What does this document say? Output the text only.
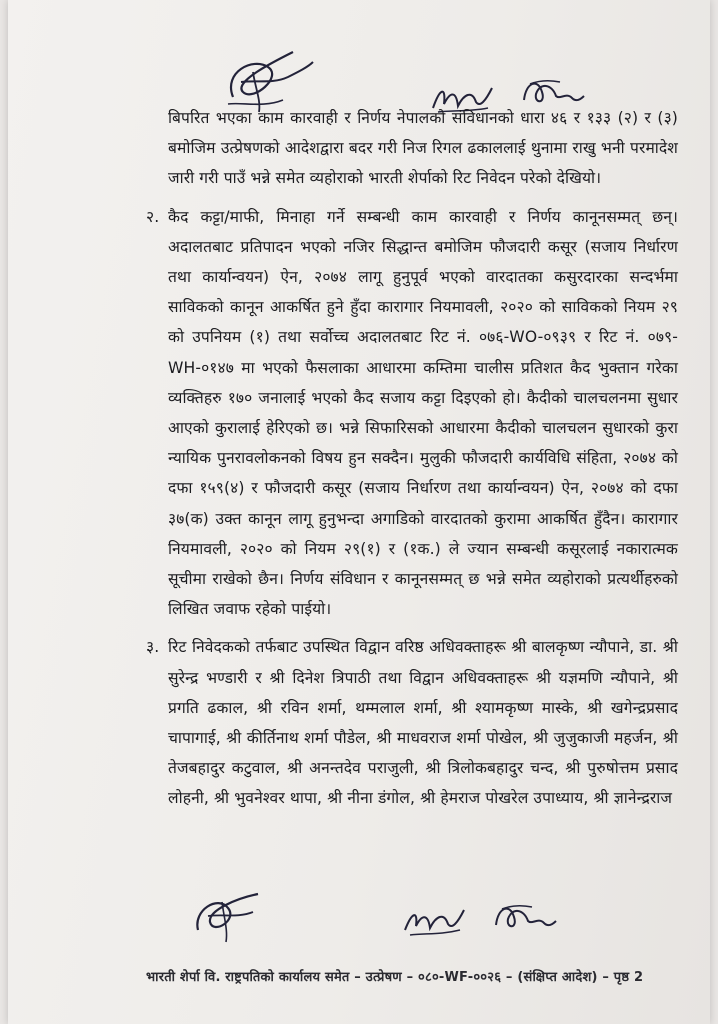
बिपरित भएका काम कारवाही र निर्णय नेपालको संविधानको धारा ४६ र १३३ (२) र (३) बमोजिम उत्प्रेषणको आदेशद्वारा बदर गरी निज रिगल ढकाललाई थुनामा राखु भनी परमादेश जारी गरी पाउँ भन्ने समेत व्यहोराको भारती शेर्पाको रिट निवेदन परेको देखियो।

२. कैद कट्टा/माफी, मिनाहा गर्ने सम्बन्धी काम कारवाही र निर्णय कानूनसम्मत् छन्। अदालतबाट प्रतिपादन भएको नजिर सिद्धान्त बमोजिम फौजदारी कसूर (सजाय निर्धारण तथा कार्यान्वयन) ऐन, २०७४ लागू हुनुपूर्व भएको वारदातका कसुरदारका सन्दर्भमा साविकको कानून आकर्षित हुने हुँदा कारागार नियमावली, २०२० को साविकको नियम २९ को उपनियम (१) तथा सर्वोच्च अदालतबाट रिट नं. ०७६-WO-०९३९ र रिट नं. ०७९-WH-०१४७ मा भएको फैसलाका आधारमा कम्तिमा चालीस प्रतिशत कैद भुक्तान गरेका व्यक्तिहरु १७० जनालाई भएको कैद सजाय कट्टा दिइएको हो। कैदीको चालचलनमा सुधार आएको कुरालाई हेरिएको छ। भन्ने सिफारिसको आधारमा कैदीको चालचलन सुधारको कुरा न्यायिक पुनरावलोकनको विषय हुन सक्दैन। मुलुकी फौजदारी कार्यविधि संहिता, २०७४ को दफा १५९(४) र फौजदारी कसूर (सजाय निर्धारण तथा कार्यान्वयन) ऐन, २०७४ को दफा ३७(क) उक्त कानून लागू हुनुभन्दा अगाडिको वारदातको कुरामा आकर्षित हुँदैन। कारागार नियमावली, २०२० को नियम २९(१) र (१क.) ले ज्यान सम्बन्धी कसूरलाई नकारात्मक सूचीमा राखेको छैन। निर्णय संविधान र कानूनसम्मत् छ भन्ने समेत व्यहोराको प्रत्यर्थीहरुको लिखित जवाफ रहेको पाईयो।

३. रिट निवेदकको तर्फबाट उपस्थित विद्वान वरिष्ठ अधिवक्ताहरू श्री बालकृष्ण न्यौपाने, डा. श्री सुरेन्द्र भण्डारी र श्री दिनेश त्रिपाठी तथा विद्वान अधिवक्ताहरू श्री यज्ञमणि न्यौपाने, श्री प्रगति ढकाल, श्री रविन शर्मा, थम्मलाल शर्मा, श्री श्यामकृष्ण मास्के, श्री खगेन्द्रप्रसाद चापागाई, श्री कीर्तिनाथ शर्मा पौडेल, श्री माधवराज शर्मा पोखेल, श्री जुजुकाजी महर्जन, श्री तेजबहादुर कटुवाल, श्री अनन्तदेव पराजुली, श्री त्रिलोकबहादुर चन्द, श्री पुरुषोत्तम प्रसाद लोहनी, श्री भुवनेश्वर थापा, श्री नीना डंगोल, श्री हेमराज पोखरेल उपाध्याय, श्री ज्ञानेन्द्रराज

भारती शेर्पा वि. राष्ट्रपतिको कार्यालय समेत – उत्प्रेषण – ०८०-WF-००२६ – (संक्षिप्त आदेश) – पृष्ठ 2
